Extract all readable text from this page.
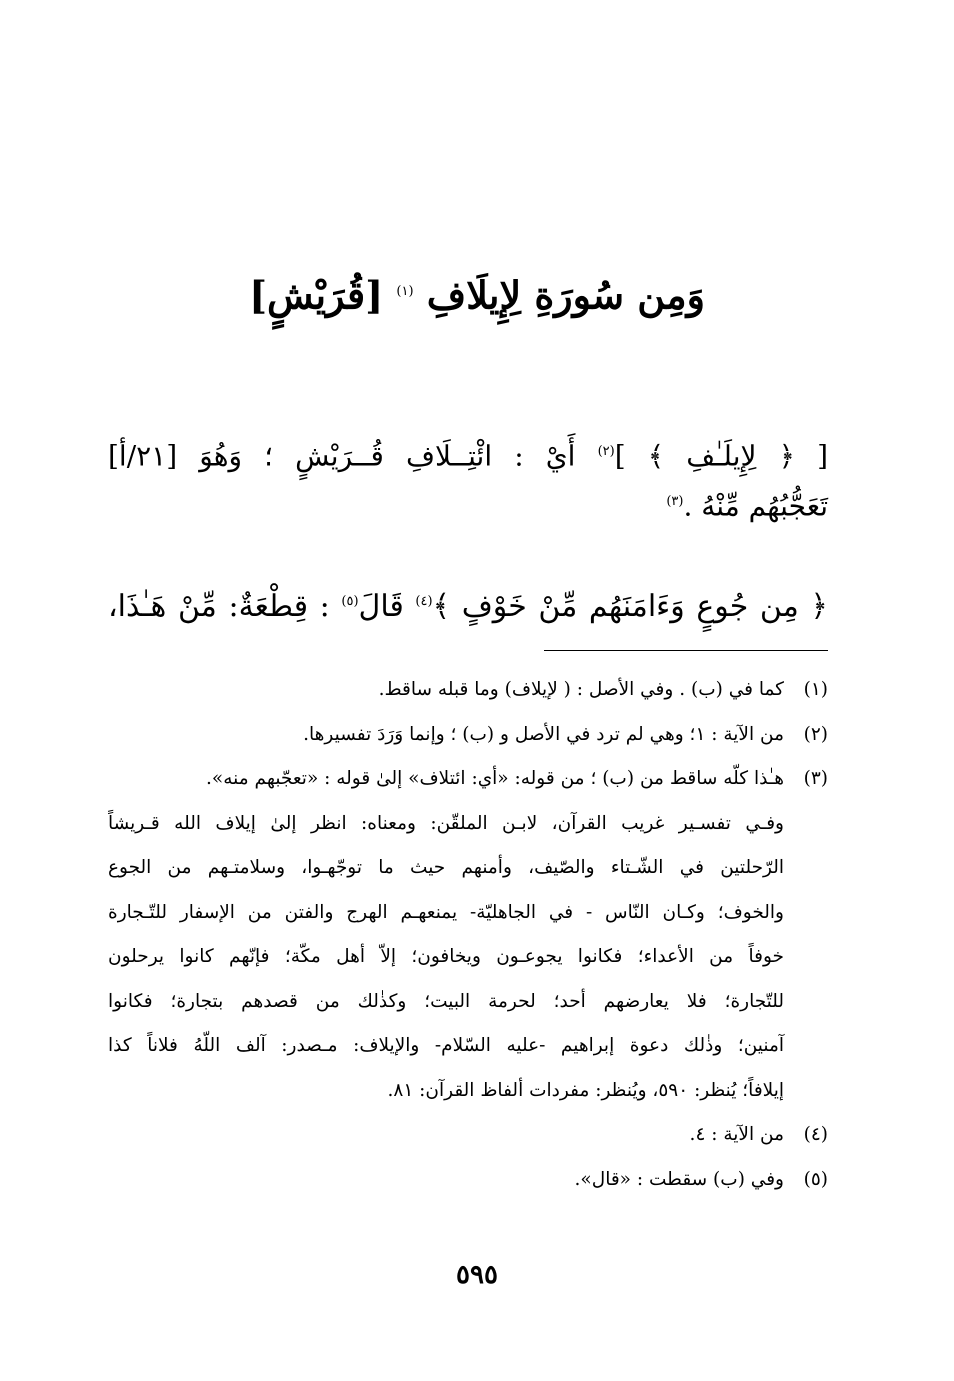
وَمِن سُورَةِ لِإِيلَافِ $^{(١)}$ [قُرَيْشٍ]
[ ﴿ لِإِيلَـٰفِ ﴾ ]$^{(٢)}$ أَيْ : ائْتِــلَافِ قُــرَيْشٍ ؛ وَهُوَ [٢١/أ]
تَعَجُّبُهُم مِّنْهُ .$^{(٣)}$
﴿ مِن جُوعٍ وَءَامَنَهُم مِّنْ خَوْفٍ ﴾$^{(٤)}$ قَالَ$^{(٥)}$ : قِطْعَةٌ: مِّنْ هَـٰذَا،
(١)كما في (ب) . وفي الأصل : ( لإيلاف) وما قبله ساقط.
(٢)من الآية : ١؛ وهي لم ترد في الأصل و (ب) ؛ وإنما وَرَدَ تفسيرها.
(٣)هـٰذا كلّه ساقط من (ب) ؛ من قوله: «أي: ائتلاف» إلىٰ قوله : «تعجّبهم منه».
وفـي تفسـير غريب القرآن، لابـن الملقّن: ومعناه: انظر إلىٰ إيلاف الله قـريشاً
الرّحلتين في الشّـتاء والصّيف، وأمنهم حيث ما توجّهـوا، وسلامتـهم من الجوع
والخوف؛ وكـان النّاس - في الجاهليّة- يمنعهـم الهرج والفتن من الإسفار للتّـجارة
خوفاً من الأعداء؛ فكانوا يجوعـون ويخافون؛ إلاّ أهل مكّة؛ فإنّهم كانوا يرحلون
للتّجارة؛ فلا يعارضهم أحد؛ لحرمة البيت؛ وكذٰلك من قصدهم بتجارة؛ فكانوا
آمنين؛ وذٰلك دعوة إبراهيم -عليه السّلام- والإيلاف: مـصدر: آلف اللّهُ فلاناً كذا
إيلافاً؛ يُنظر: ٥٩٠، ويُنظر: مفردات ألفاظ القرآن: ٨١.
(٤)من الآية : ٤.
(٥)وفي (ب) سقطت : «قال».
٥٩٥
